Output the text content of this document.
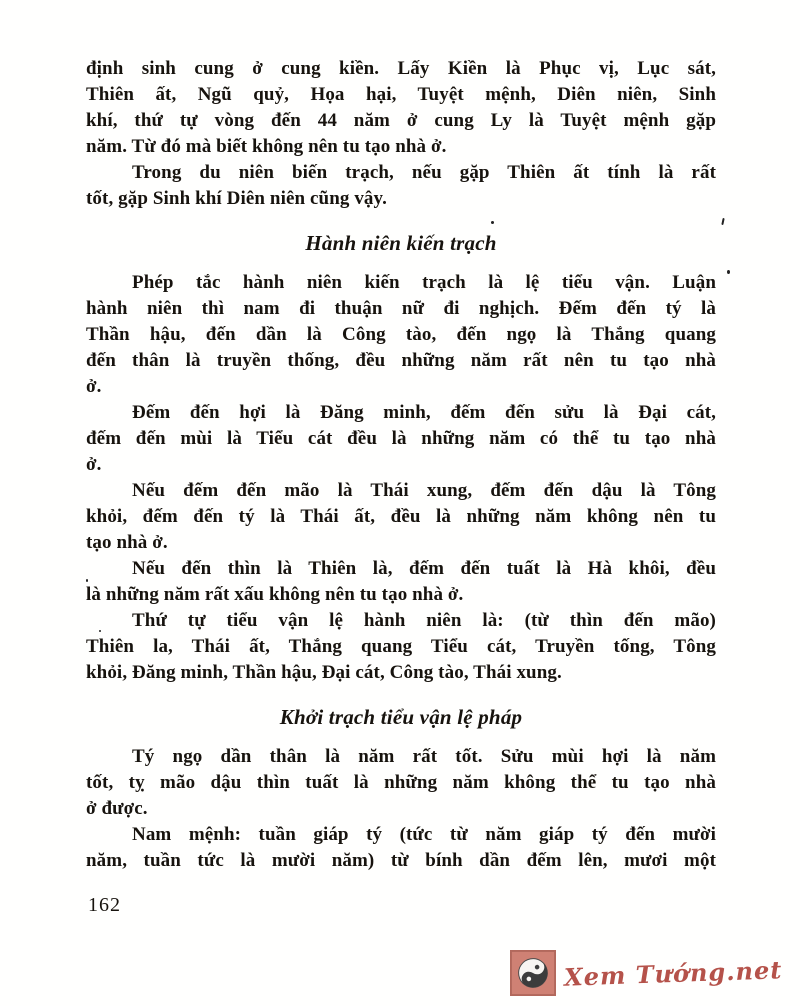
định sinh cung ở cung kiền. Lấy Kiền là Phục vị, Lục sát,
Thiên ất, Ngũ quỷ, Họa hại, Tuyệt mệnh, Diên niên, Sinh
khí, thứ tự vòng đến 44 năm ở cung Ly là Tuyệt mệnh gặp
năm. Từ đó mà biết không nên tu tạo nhà ở.
Trong du niên biến trạch, nếu gặp Thiên ất tính là rất
tốt, gặp Sinh khí Diên niên cũng vậy.
Hành niên kiến trạch
Phép tắc hành niên kiến trạch là lệ tiểu vận. Luận
hành niên thì nam đi thuận nữ đi nghịch. Đếm đến tý là
Thần hậu, đến dần là Công tào, đến ngọ là Thắng quang
đến thân là truyền thống, đều những năm rất nên tu tạo nhà
ở.
Đếm đến hợi là Đăng minh, đếm đến sửu là Đại cát,
đếm đến mùi là Tiểu cát đều là những năm có thể tu tạo nhà
ở.
Nếu đếm đến mão là Thái xung, đếm đến dậu là Tông
khỏi, đếm đến tý là Thái ất, đều là những năm không nên tu
tạo nhà ở.
Nếu đến thìn là Thiên là, đếm đến tuất là Hà khôi, đều
là những năm rất xấu không nên tu tạo nhà ở.
Thứ tự tiểu vận lệ hành niên là: (từ thìn đến mão)
Thiên la, Thái ất, Thắng quang Tiểu cát, Truyền tống, Tông
khỏi, Đăng minh, Thần hậu, Đại cát, Công tào, Thái xung.
Khởi trạch tiểu vận lệ pháp
Tý ngọ dần thân là năm rất tốt. Sửu mùi hợi là năm
tốt, tỵ mão dậu thìn tuất là những năm không thể tu tạo nhà
ở được.
Nam mệnh: tuần giáp tý (tức từ năm giáp tý đến mười
năm, tuần tức là mười năm) từ bính dần đếm lên, mươi một
162
Xem Tướng.net
